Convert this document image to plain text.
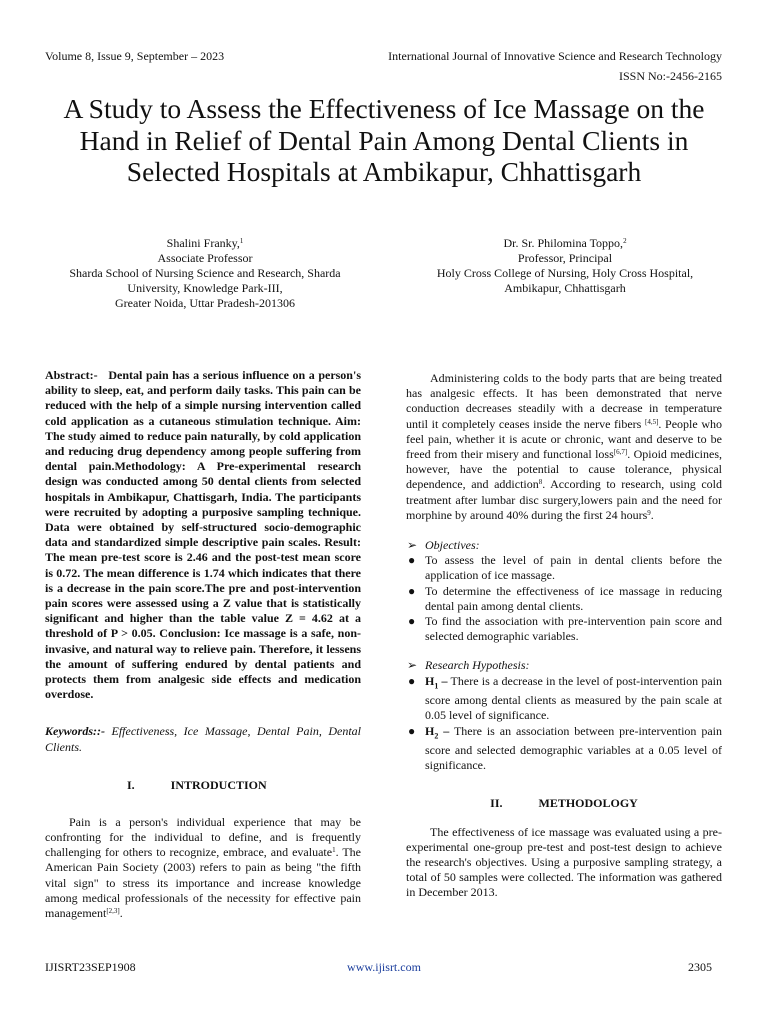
Volume 8, Issue 9, September – 2023	International Journal of Innovative Science and Research Technology
ISSN No:-2456-2165
A Study to Assess the Effectiveness of Ice Massage on the Hand in Relief of Dental Pain Among Dental Clients in Selected Hospitals at Ambikapur, Chhattisgarh
Shalini Franky,$^1$
Associate Professor
Sharda School of Nursing Science and Research, Sharda
University, Knowledge Park-III,
Greater Noida, Uttar Pradesh-201306
Dr. Sr. Philomina Toppo,$^2$
Professor, Principal
Holy Cross College of Nursing, Holy Cross Hospital,
Ambikapur, Chhattisgarh

Abstract:- Dental pain has a serious influence on a person's ability to sleep, eat, and perform daily tasks. This pain can be reduced with the help of a simple nursing intervention called cold application as a cutaneous stimulation technique. Aim: The study aimed to reduce pain naturally, by cold application and reducing drug dependency among people suffering from dental pain.Methodology: A Pre-experimental research design was conducted among 50 dental clients from selected hospitals in Ambikapur, Chattisgarh, India. The participants were recruited by adopting a purposive sampling technique. Data were obtained by self-structured socio-demographic data and standardized simple descriptive pain scales. Result: The mean pre-test score is 2.46 and the post-test mean score is 0.72. The mean difference is 1.74 which indicates that there is a decrease in the pain score.The pre and post-intervention pain scores were assessed using a Z value that is statistically significant and higher than the table value Z = 4.62 at a threshold of P > 0.05. Conclusion: Ice massage is a safe, non-invasive, and natural way to relieve pain. Therefore, it lessens the amount of suffering endured by dental patients and protects them from analgesic side effects and medication overdose.

Keywords::- Effectiveness, Ice Massage, Dental Pain, Dental Clients.

I.	INTRODUCTION

Pain is a person's individual experience that may be confronting for the individual to define, and is frequently challenging for others to recognize, embrace, and evaluate$^1$. The American Pain Society (2003) refers to pain as being "the fifth vital sign" to stress its importance and increase knowledge among medical professionals of the necessity for effective pain management[2,3].

Administering colds to the body parts that are being treated has analgesic effects. It has been demonstrated that nerve conduction decreases steadily with a decrease in temperature until it completely ceases inside the nerve fibers [4,5]. People who feel pain, whether it is acute or chronic, want and deserve to be freed from their misery and functional loss[6,7]. Opioid medicines, however, have the potential to cause tolerance, physical dependence, and addiction$^8$. According to research, using cold treatment after lumbar disc surgery,lowers pain and the need for morphine by around 40% during the first 24 hours$^9$.

➢ Objectives:
● To assess the level of pain in dental clients before the application of ice massage.
● To determine the effectiveness of ice massage in reducing dental pain among dental clients.
● To find the association with pre-intervention pain score and selected demographic variables.
➢ Research Hypothesis:
● $H_1$ – There is a decrease in the level of post-intervention pain score among dental clients as measured by the pain scale at 0.05 level of significance.
● $H_2$ – There is an association between pre-intervention pain score and selected demographic variables at a 0.05 level of significance.
II.	METHODOLOGY

The effectiveness of ice massage was evaluated using a pre-experimental one-group pre-test and post-test design to achieve the research's objectives. Using a purposive sampling strategy, a total of 50 samples were collected. The information was gathered in December 2013.

IJISRT23SEP1908	www.ijisrt.com	2305
